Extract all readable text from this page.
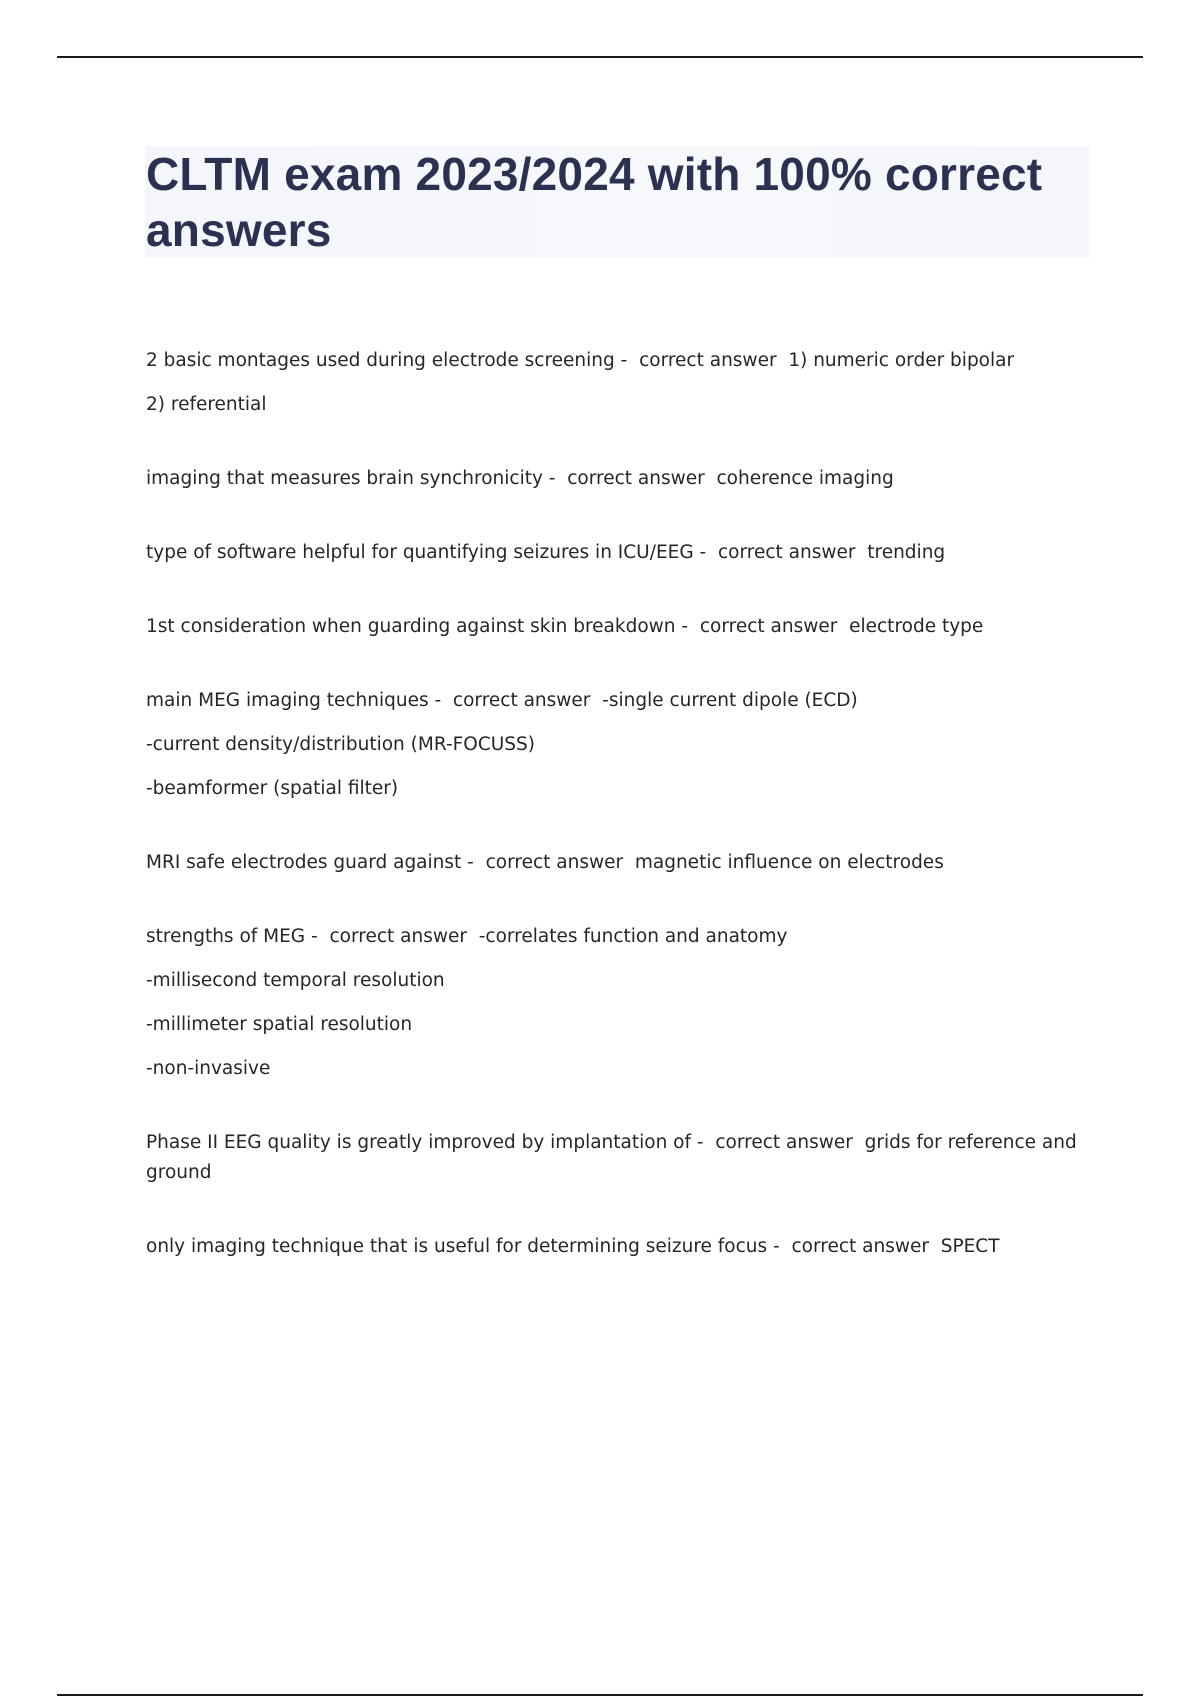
CLTM exam 2023/2024 with 100% correct answers
2 basic montages used during electrode screening - correct answer 1) numeric order bipolar
2) referential
imaging that measures brain synchronicity - correct answer coherence imaging
type of software helpful for quantifying seizures in ICU/EEG - correct answer trending
1st consideration when guarding against skin breakdown - correct answer electrode type
main MEG imaging techniques - correct answer -single current dipole (ECD)
-current density/distribution (MR-FOCUSS)
-beamformer (spatial filter)
MRI safe electrodes guard against - correct answer magnetic influence on electrodes
strengths of MEG - correct answer -correlates function and anatomy
-millisecond temporal resolution
-millimeter spatial resolution
-non-invasive
Phase II EEG quality is greatly improved by implantation of - correct answer grids for reference and ground
only imaging technique that is useful for determining seizure focus - correct answer SPECT
